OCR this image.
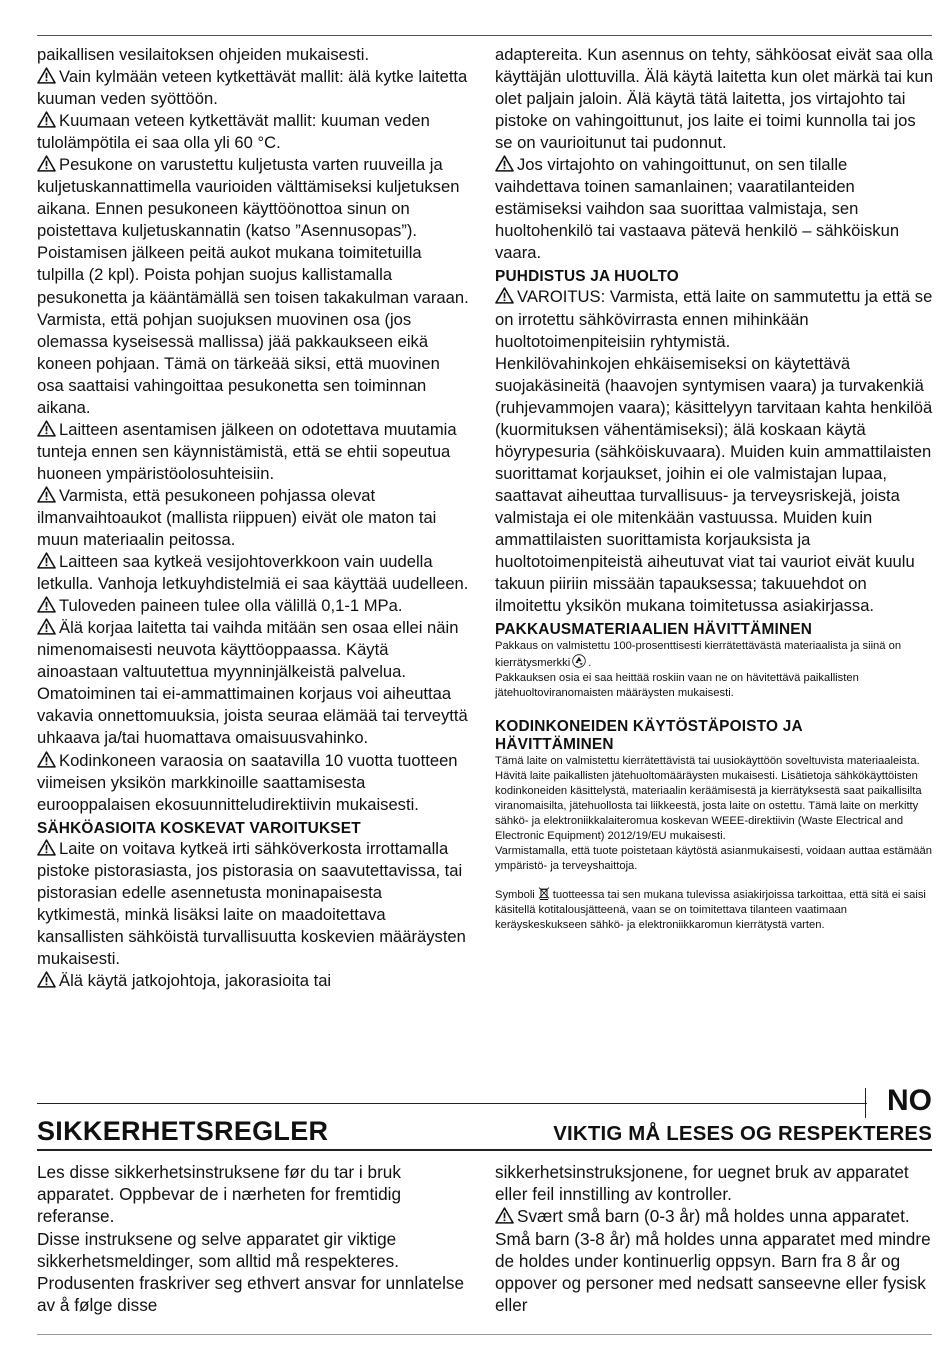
paikallisen vesilaitoksen ohjeiden mukaisesti.

Vain kylmään veteen kytkettävät mallit: älä kytke laitetta kuuman veden syöttöön.

Kuumaan veteen kytkettävät mallit: kuuman veden tulolämpötila ei saa olla yli 60 °C.

Pesukone on varustettu kuljetusta varten ruuveilla ja kuljetuskannattimella vaurioiden välttämiseksi kuljetuksen aikana. Ennen pesukoneen käyttöönottoa sinun on poistettava kuljetuskannatin (katso ”Asennusopas”). Poistamisen jälkeen peitä aukot mukana toimitetuilla tulpilla (2 kpl). Poista pohjan suojus kallistamalla pesukonetta ja kääntämällä sen toisen takakulman varaan. Varmista, että pohjan suojuksen muovinen osa (jos olemassa kyseisessä mallissa) jää pakkaukseen eikä koneen pohjaan. Tämä on tärkeää siksi, että muovinen osa saattaisi vahingoittaa pesukonetta sen toiminnan aikana.

Laitteen asentamisen jälkeen on odotettava muutamia tunteja ennen sen käynnistämistä, että se ehtii sopeutua huoneen ympäristöolosuhteisiin.

Varmista, että pesukoneen pohjassa olevat ilmanvaihtoaukot (mallista riippuen) eivät ole maton tai muun materiaalin peitossa.

Laitteen saa kytkeä vesijohtoverkkoon vain uudella letkulla. Vanhoja letkuyhdistelmiä ei saa käyttää uudelleen.

Tuloveden paineen tulee olla välillä 0,1-1 MPa.

Älä korjaa laitetta tai vaihda mitään sen osaa ellei näin nimenomaisesti neuvota käyttöoppaassa. Käytä ainoastaan valtuutettua myynninjälkeistä palvelua. Omatoiminen tai ei-ammattimainen korjaus voi aiheuttaa vakavia onnettomuuksia, joista seuraa elämää tai terveyttä uhkaava ja/tai huomattava omaisuusvahinko.

Kodinkoneen varaosia on saatavilla 10 vuotta tuotteen viimeisen yksikön markkinoille saattamisesta eurooppalaisen ekosuunnitteludirektiivin mukaisesti.

SÄHKÖASIOITA KOSKEVAT VAROITUKSET

Laite on voitava kytkeä irti sähköverkosta irrottamalla pistoke pistorasiasta, jos pistorasia on saavutettavissa, tai pistorasian edelle asennetusta moninapaisesta kytkimestä, minkä lisäksi laite on maadoitettava kansallisten sähköistä turvallisuutta koskevien määräysten mukaisesti.

Älä käytä jatkojohtoja, jakorasioita tai

adaptereita. Kun asennus on tehty, sähköosat eivät saa olla käyttäjän ulottuvilla. Älä käytä laitetta kun olet märkä tai kun olet paljain jaloin. Älä käytä tätä laitetta, jos virtajohto tai pistoke on vahingoittunut, jos laite ei toimi kunnolla tai jos se on vaurioitunut tai pudonnut.

Jos virtajohto on vahingoittunut, on sen tilalle vaihdettava toinen samanlainen; vaaratilanteiden estämiseksi vaihdon saa suorittaa valmistaja, sen huoltohenkilö tai vastaava pätevä henkilö – sähköiskun vaara.

PUHDISTUS JA HUOLTO

VAROITUS: Varmista, että laite on sammutettu ja että se on irrotettu sähkövirrasta ennen mihinkään huoltotoimenpiteisiin ryhtymistä.

Henkilövahinkojen ehkäisemiseksi on käytettävä suojakäsineitä (haavojen syntymisen vaara) ja turvakenkiä (ruhjevammojen vaara); käsittelyyn tarvitaan kahta henkilöä (kuormituksen vähentämiseksi); älä koskaan käytä höyrypesuria (sähköiskuvaara). Muiden kuin ammattilaisten suorittamat korjaukset, joihin ei ole valmistajan lupaa, saattavat aiheuttaa turvallisuus- ja terveysriskejä, joista valmistaja ei ole mitenkään vastuussa. Muiden kuin ammattilaisten suorittamista korjauksista ja huoltotoimenpiteistä aiheutuvat viat tai vauriot eivät kuulu takuun piiriin missään tapauksessa; takuuehdot on ilmoitettu yksikön mukana toimitetussa asiakirjassa.

PAKKAUSMATERIAALIEN HÄVITTÄMINEN

Pakkaus on valmistettu 100-prosenttisesti kierrätettävästä materiaalista ja siinä on kierrätysmerkki .

Pakkauksen osia ei saa heittää roskiin vaan ne on hävitettävä paikallisten jätehuoltoviranomaisten määräysten mukaisesti.

KODINKONEIDEN KÄYTÖSTÄPOISTO JA HÄVITTÄMINEN

Tämä laite on valmistettu kierrätettävistä tai uusiokäyttöön soveltuvista materiaaleista. Hävitä laite paikallisten jätehuoltomääräysten mukaisesti. Lisätietoja sähkökäyttöisten kodinkoneiden käsittelystä, materiaalin keräämisestä ja kierrätyksestä saat paikallisilta viranomaisilta, jätehuollosta tai liikkeestä, josta laite on ostettu. Tämä laite on merkitty sähkö- ja elektroniikkalaiteromua koskevan WEEE-direktiivin (Waste Electrical and Electronic Equipment) 2012/19/EU mukaisesti.

Varmistamalla, että tuote poistetaan käytöstä asianmukaisesti, voidaan auttaa estämään ympäristö- ja terveyshaittoja.

Symboli tuotteessa tai sen mukana tulevissa asiakirjoissa tarkoittaa, että sitä ei saisi käsitellä kotitalousjätteenä, vaan se on toimitettava tilanteen vaatimaan keräyskeskukseen sähkö- ja elektroniikkaromun kierrätystä varten.

NO
SIKKERHETSREGLER	VIKTIG MÅ LESES OG RESPEKTERES

Les disse sikkerhetsinstruksene før du tar i bruk apparatet. Oppbevar de i nærheten for fremtidig referanse.

Disse instruksene og selve apparatet gir viktige sikkerhetsmeldinger, som alltid må respekteres. Produsenten fraskriver seg ethvert ansvar for unnlatelse av å følge disse

sikkerhetsinstruksjonene, for uegnet bruk av apparatet eller feil innstilling av kontroller.

Svært små barn (0-3 år) må holdes unna apparatet. Små barn (3-8 år) må holdes unna apparatet med mindre de holdes under kontinuerlig oppsyn. Barn fra 8 år og oppover og personer med nedsatt sanseevne eller fysisk eller
